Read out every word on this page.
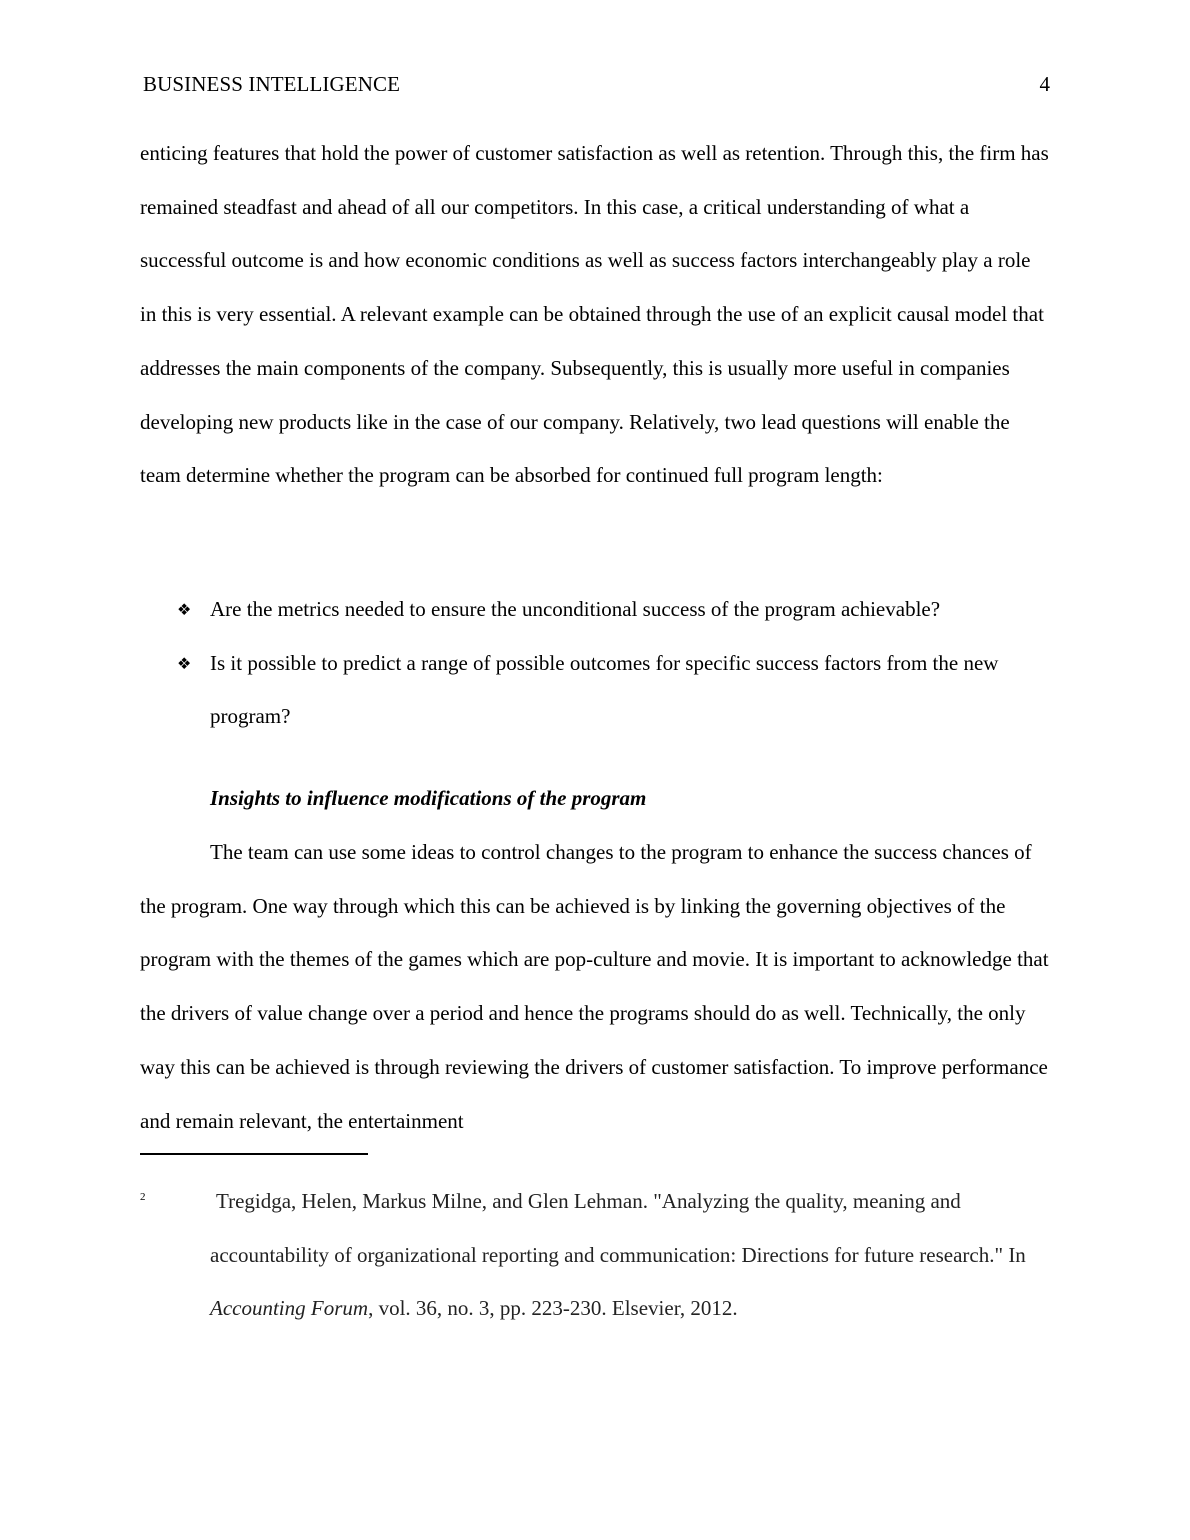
BUSINESS INTELLIGENCE	4

enticing features that hold the power of customer satisfaction as well as retention. Through this, the firm has remained steadfast and ahead of all our competitors. In this case, a critical understanding of what a successful outcome is and how economic conditions as well as success factors interchangeably play a role in this is very essential. A relevant example can be obtained through the use of an explicit causal model that addresses the main components of the company. Subsequently, this is usually more useful in companies developing new products like in the case of our company. Relatively, two lead questions will enable the team determine whether the program can be absorbed for continued full program length:

❖ Are the metrics needed to ensure the unconditional success of the program achievable?
❖ Is it possible to predict a range of possible outcomes for specific success factors from the new program?
Insights to influence modifications of the program

The team can use some ideas to control changes to the program to enhance the success chances of the program. One way through which this can be achieved is by linking the governing objectives of the program with the themes of the games which are pop-culture and movie. It is important to acknowledge that the drivers of value change over a period and hence the programs should do as well. Technically, the only way this can be achieved is through reviewing the drivers of customer satisfaction. To improve performance and remain relevant, the entertainment

2	Tregidga, Helen, Markus Milne, and Glen Lehman. "Analyzing the quality, meaning and accountability of organizational reporting and communication: Directions for future research." In Accounting Forum, vol. 36, no. 3, pp. 223-230. Elsevier, 2012.
